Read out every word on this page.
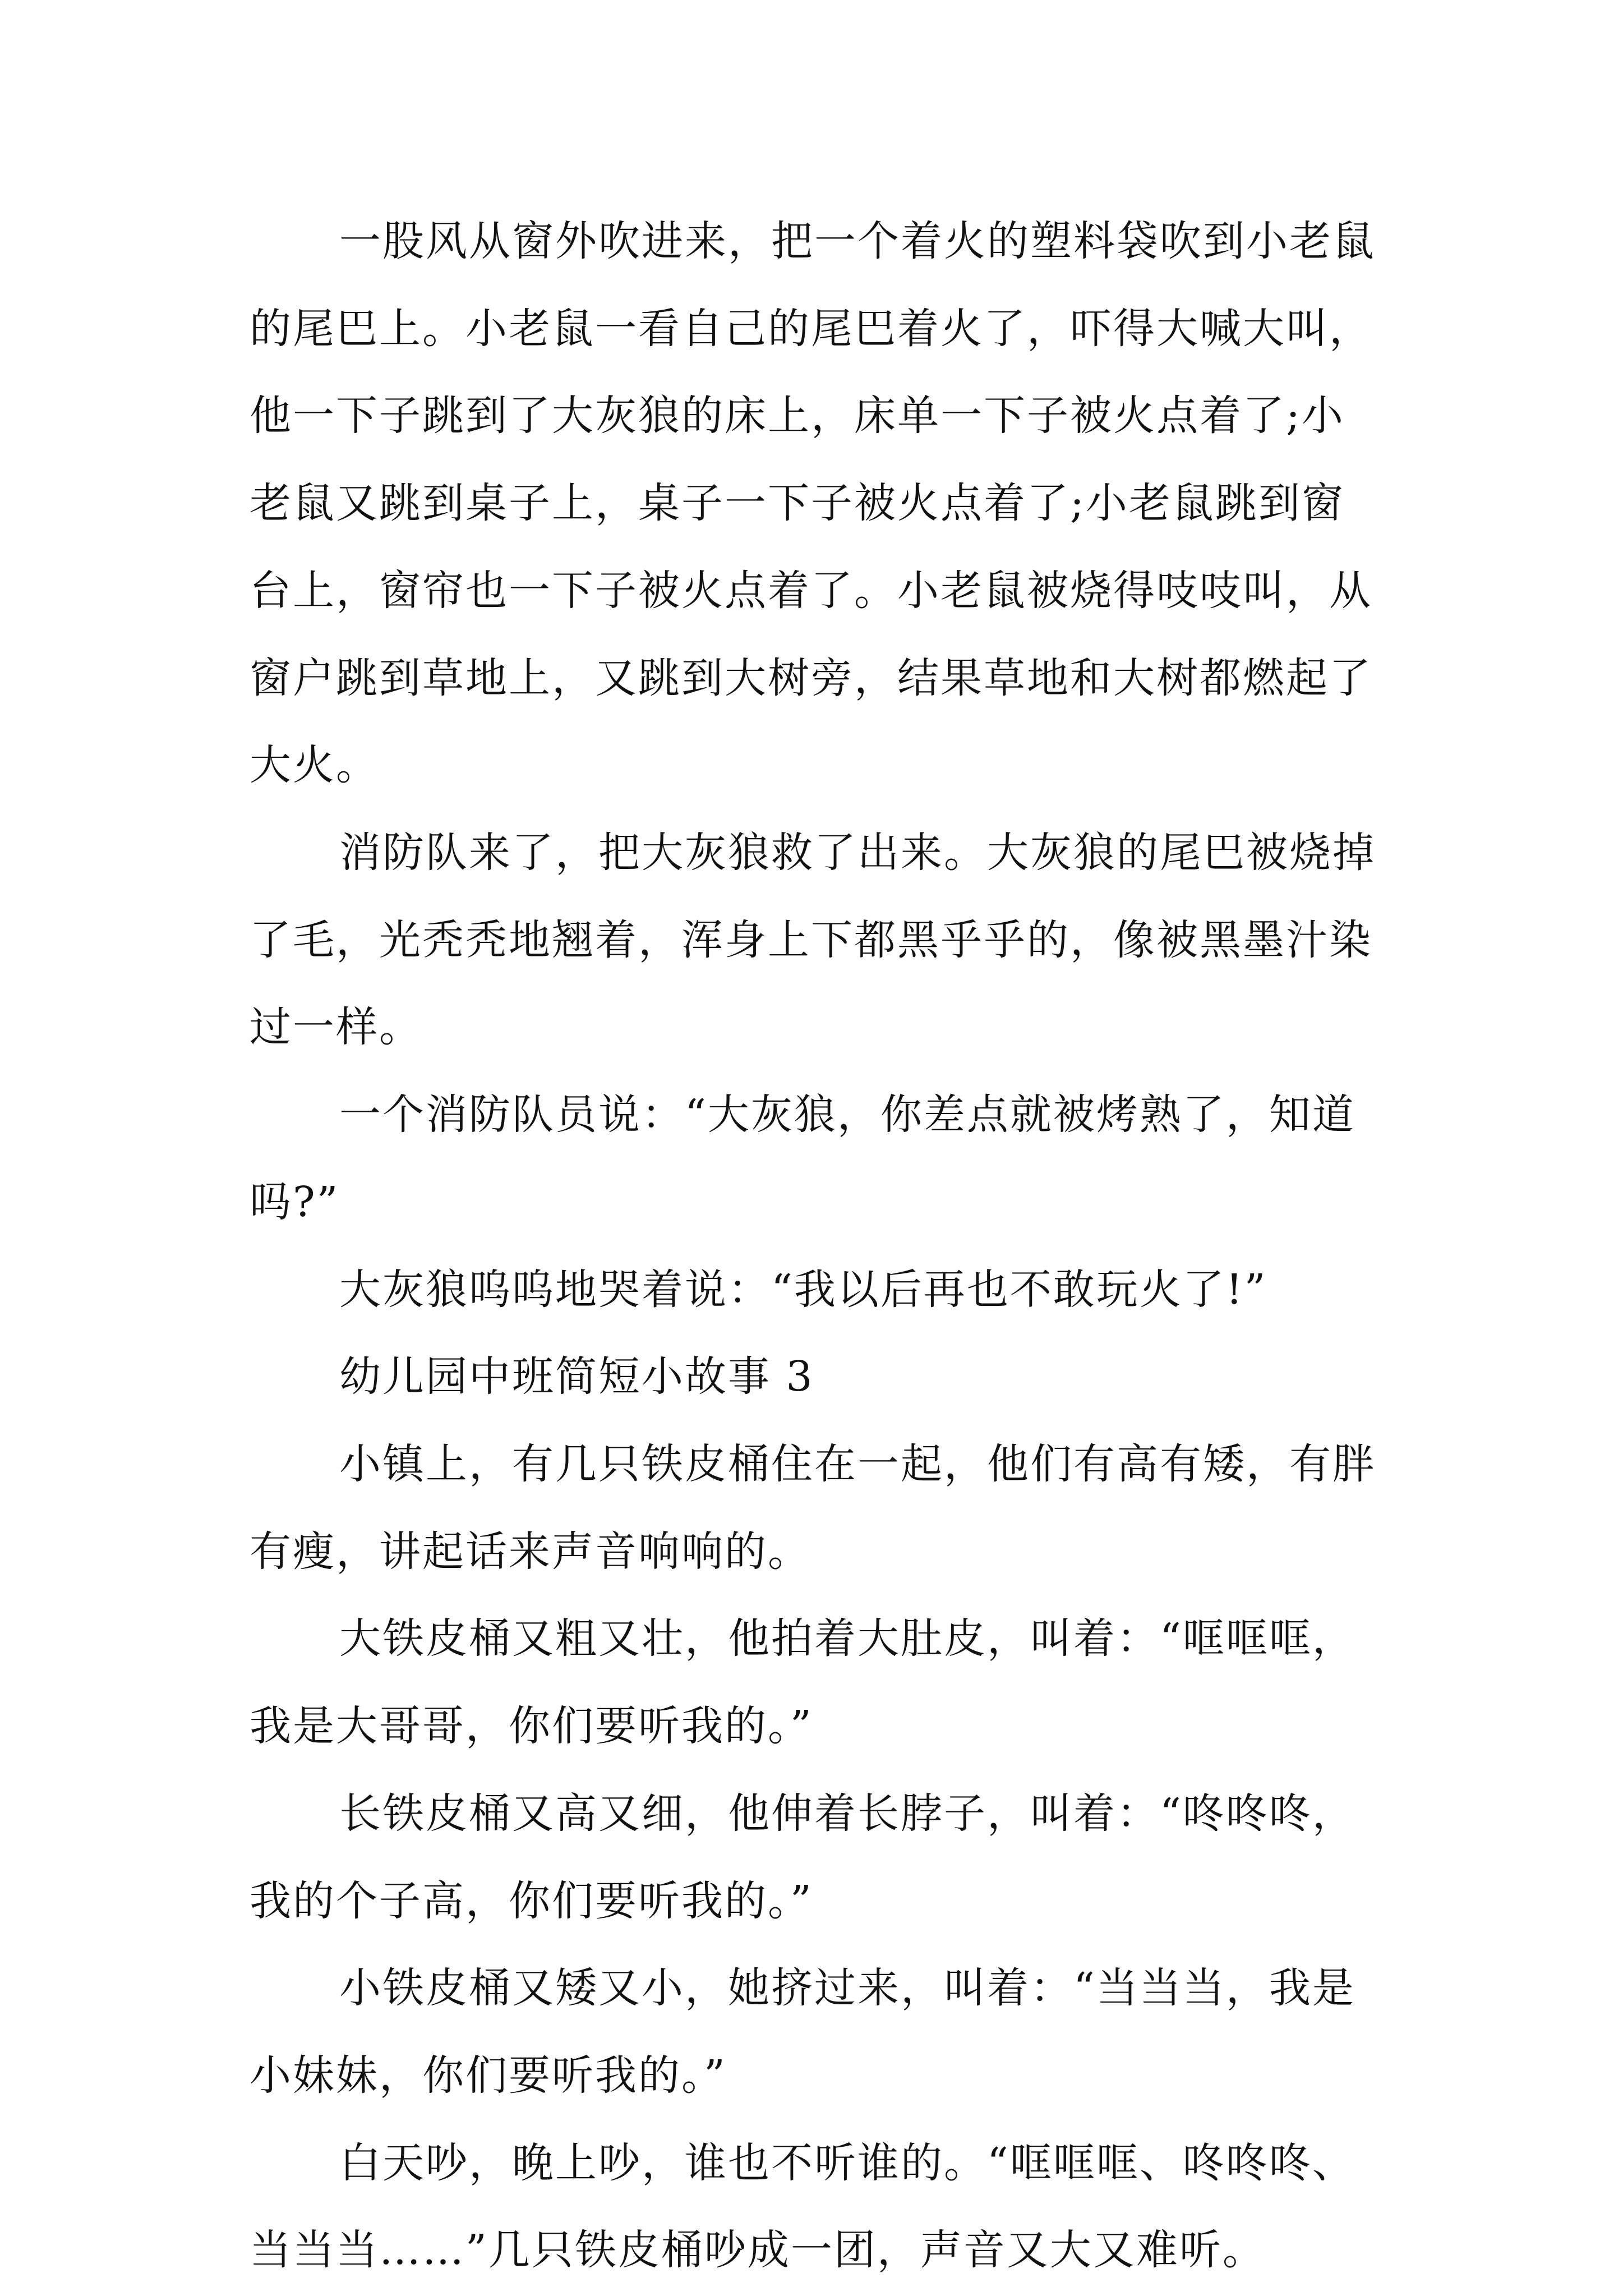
一股风从窗外吹进来，把一个着火的塑料袋吹到小老鼠
的尾巴上。小老鼠一看自己的尾巴着火了，吓得大喊大叫，
他一下子跳到了大灰狼的床上，床单一下子被火点着了;小
老鼠又跳到桌子上，桌子一下子被火点着了;小老鼠跳到窗
台上，窗帘也一下子被火点着了。小老鼠被烧得吱吱叫，从
窗户跳到草地上，又跳到大树旁，结果草地和大树都燃起了
大火。
消防队来了，把大灰狼救了出来。大灰狼的尾巴被烧掉
了毛，光秃秃地翘着，浑身上下都黑乎乎的，像被黑墨汁染
过一样。
一个消防队员说：“大灰狼，你差点就被烤熟了，知道
吗?”
大灰狼呜呜地哭着说：“我以后再也不敢玩火了!”
幼儿园中班简短小故事 3
小镇上，有几只铁皮桶住在一起，他们有高有矮，有胖
有瘦，讲起话来声音响响的。
大铁皮桶又粗又壮，他拍着大肚皮，叫着：“哐哐哐，
我是大哥哥，你们要听我的。”
长铁皮桶又高又细，他伸着长脖子，叫着：“咚咚咚，
我的个子高，你们要听我的。”
小铁皮桶又矮又小，她挤过来，叫着：“当当当，我是
小妹妹，你们要听我的。”
白天吵，晚上吵，谁也不听谁的。“哐哐哐、咚咚咚、
当当当……”几只铁皮桶吵成一团，声音又大又难听。
